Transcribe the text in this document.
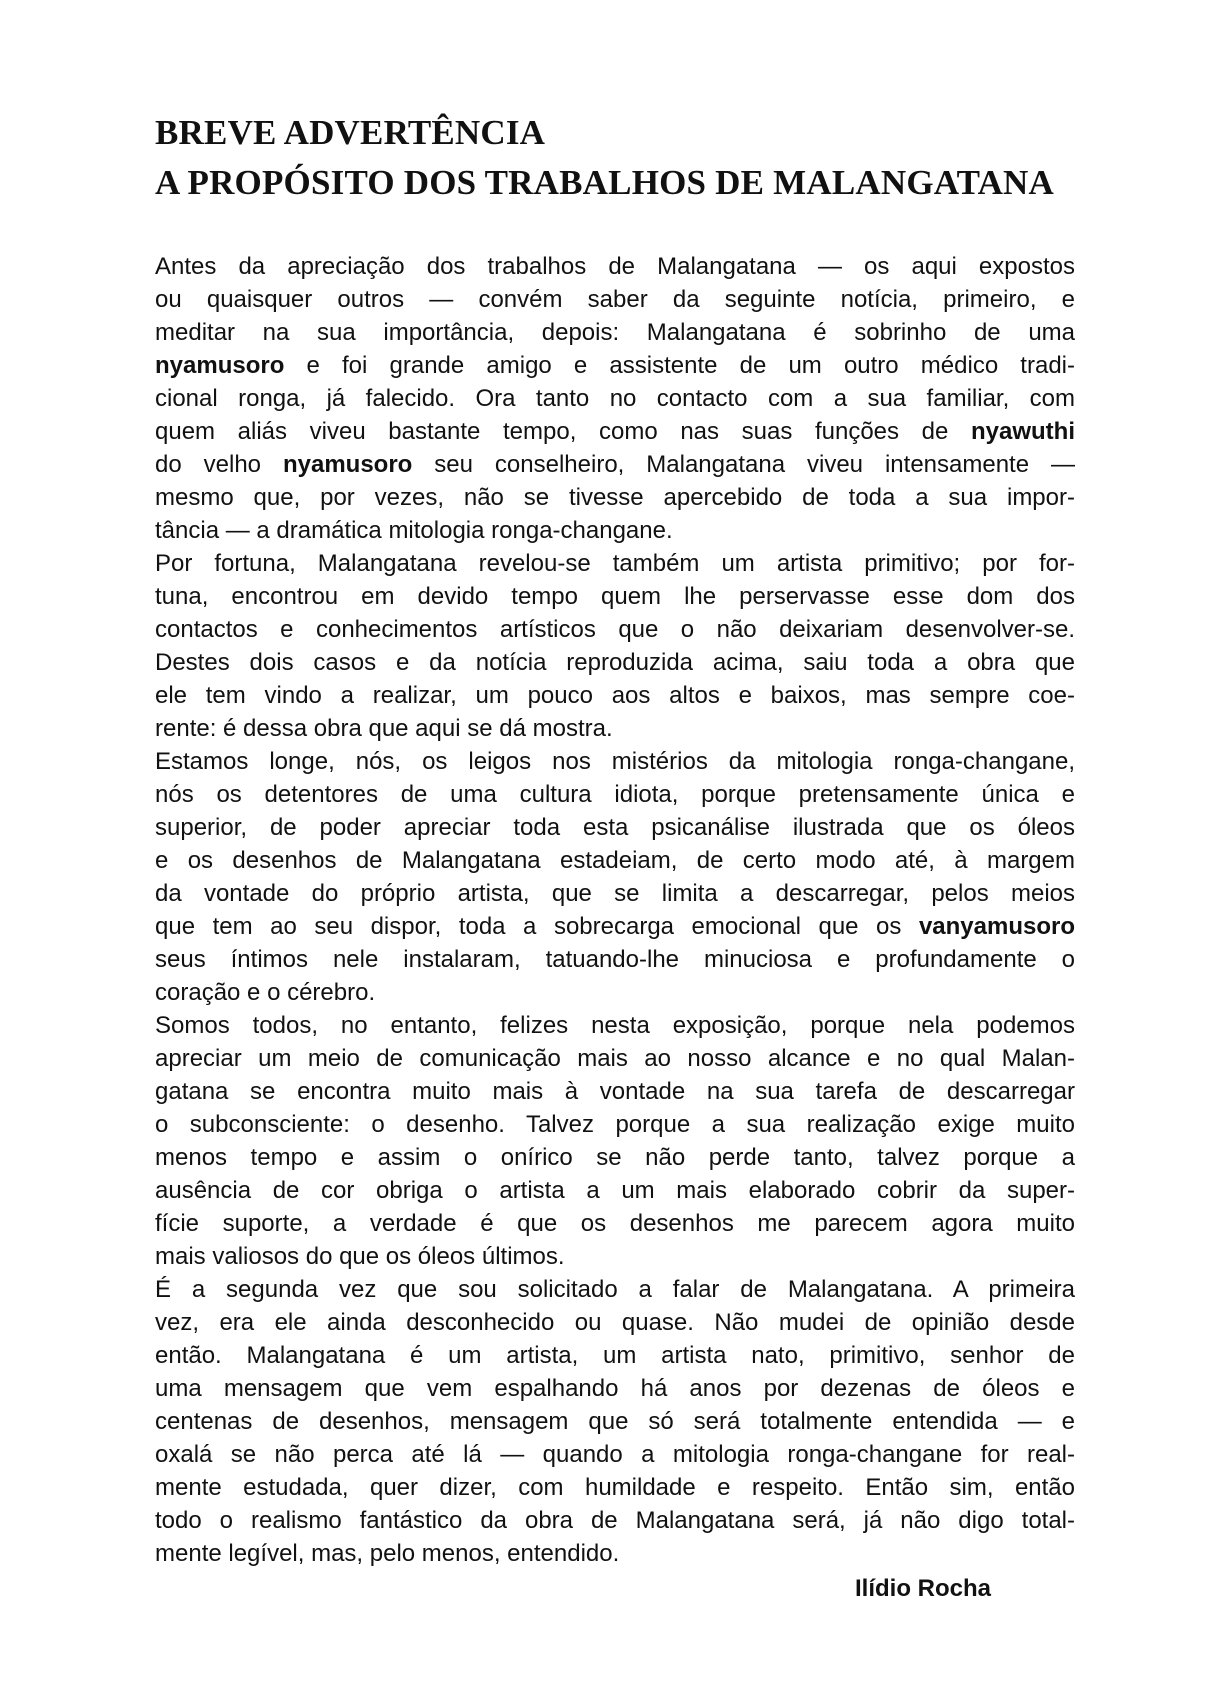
BREVE ADVERTÊNCIA
A PROPÓSITO DOS TRABALHOS DE MALANGATANA
Antes da apreciação dos trabalhos de Malangatana — os aqui expostos
ou quaisquer outros — convém saber da seguinte notícia, primeiro, e
meditar na sua importância, depois: Malangatana é sobrinho de uma
nyamusoro e foi grande amigo e assistente de um outro médico tradi-
cional ronga, já falecido. Ora tanto no contacto com a sua familiar, com
quem aliás viveu bastante tempo, como nas suas funções de nyawuthi
do velho nyamusoro seu conselheiro, Malangatana viveu intensamente —
mesmo que, por vezes, não se tivesse apercebido de toda a sua impor-
tância — a dramática mitologia ronga-changane.
Por fortuna, Malangatana revelou-se também um artista primitivo; por for-
tuna, encontrou em devido tempo quem lhe perservasse esse dom dos
contactos e conhecimentos artísticos que o não deixariam desenvolver-se.
Destes dois casos e da notícia reproduzida acima, saiu toda a obra que
ele tem vindo a realizar, um pouco aos altos e baixos, mas sempre coe-
rente: é dessa obra que aqui se dá mostra.
Estamos longe, nós, os leigos nos mistérios da mitologia ronga-changane,
nós os detentores de uma cultura idiota, porque pretensamente única e
superior, de poder apreciar toda esta psicanálise ilustrada que os óleos
e os desenhos de Malangatana estadeiam, de certo modo até, à margem
da vontade do próprio artista, que se limita a descarregar, pelos meios
que tem ao seu dispor, toda a sobrecarga emocional que os vanyamusoro
seus íntimos nele instalaram, tatuando-lhe minuciosa e profundamente o
coração e o cérebro.
Somos todos, no entanto, felizes nesta exposição, porque nela podemos
apreciar um meio de comunicação mais ao nosso alcance e no qual Malan-
gatana se encontra muito mais à vontade na sua tarefa de descarregar
o subconsciente: o desenho. Talvez porque a sua realização exige muito
menos tempo e assim o onírico se não perde tanto, talvez porque a
ausência de cor obriga o artista a um mais elaborado cobrir da super-
fície suporte, a verdade é que os desenhos me parecem agora muito
mais valiosos do que os óleos últimos.
É a segunda vez que sou solicitado a falar de Malangatana. A primeira
vez, era ele ainda desconhecido ou quase. Não mudei de opinião desde
então. Malangatana é um artista, um artista nato, primitivo, senhor de
uma mensagem que vem espalhando há anos por dezenas de óleos e
centenas de desenhos, mensagem que só será totalmente entendida — e
oxalá se não perca até lá — quando a mitologia ronga-changane for real-
mente estudada, quer dizer, com humildade e respeito. Então sim, então
todo o realismo fantástico da obra de Malangatana será, já não digo total-
mente legível, mas, pelo menos, entendido.

Ilídio Rocha
